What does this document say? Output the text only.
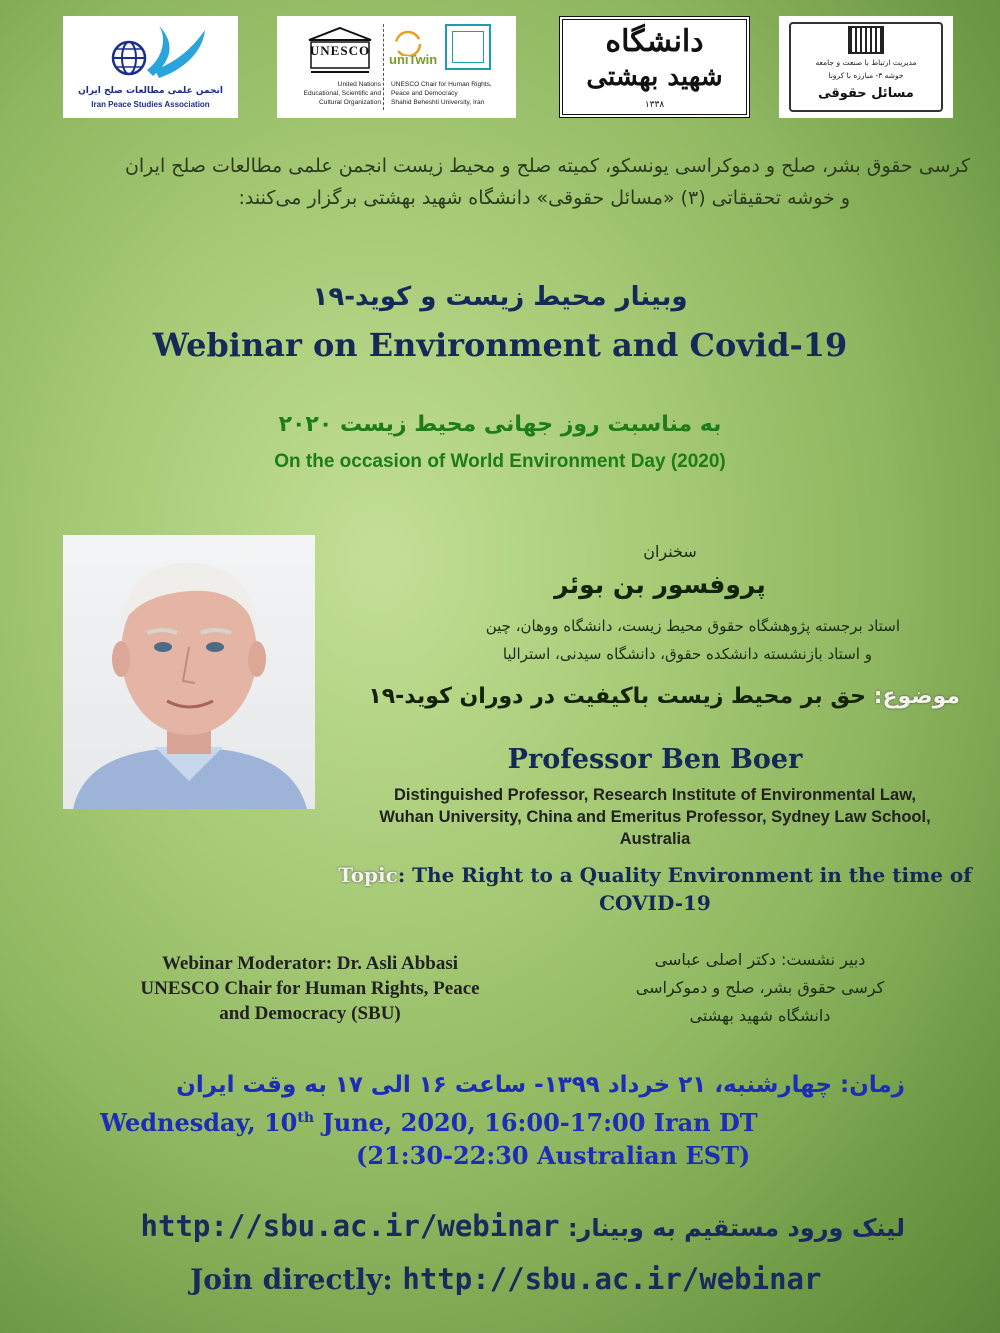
انجمن علمی مطالعات صلح ایران
Iran Peace Studies Association
UNESCO
United Nations
Educational, Scientific and
Cultural Organization
uniTwin
UNESCO Chair for Human Rights,
Peace and Democracy
Shahid Beheshti University, Iran
دانشگاه
شهید بهشتی
۱۳۳۸
مدیریت ارتباط با صنعت و جامعه
خوشه ۳- مبارزه با کرونا
مسائل حقوقی
کرسی حقوق بشر، صلح و دموکراسی یونسکو، کمیته صلح و محیط زیست انجمن علمی مطالعات صلح ایران
و خوشه تحقیقاتی (۳) «مسائل حقوقی» دانشگاه شهید بهشتی برگزار می‌کنند:
وبینار محیط زیست و کوید-۱۹
Webinar on Environment and Covid-19
به مناسبت روز جهانی محیط زیست ۲۰۲۰
On the occasion of World Environment Day (2020)
سخنران
پروفسور بن بوئر
استاد برجسته پژوهشگاه حقوق محیط زیست، دانشگاه ووهان، چین
و استاد بازنشسته دانشکده حقوق، دانشگاه سیدنی، استرالیا
موضوع: حق بر محیط زیست باکیفیت در دوران کوید-۱۹
Professor Ben Boer
Distinguished Professor, Research Institute of Environmental Law,
Wuhan University, China and Emeritus Professor, Sydney Law School,
Australia
Topic: The Right to a Quality Environment in the time of
COVID-19
Webinar Moderator: Dr. Asli Abbasi
UNESCO Chair for Human Rights, Peace
and Democracy (SBU)
دبیر نشست: دکتر اصلی عباسی
کرسی حقوق بشر، صلح و دموکراسی
دانشگاه شهید بهشتی
زمان: چهارشنبه، ۲۱ خرداد ۱۳۹۹- ساعت ۱۶ الی ۱۷ به وقت ایران
Wednesday, 10th June, 2020, 16:00-17:00 Iran DT
(21:30-22:30 Australian EST)
لینک ورود مستقیم به وبینار: http://sbu.ac.ir/webinar
Join directly: http://sbu.ac.ir/webinar
